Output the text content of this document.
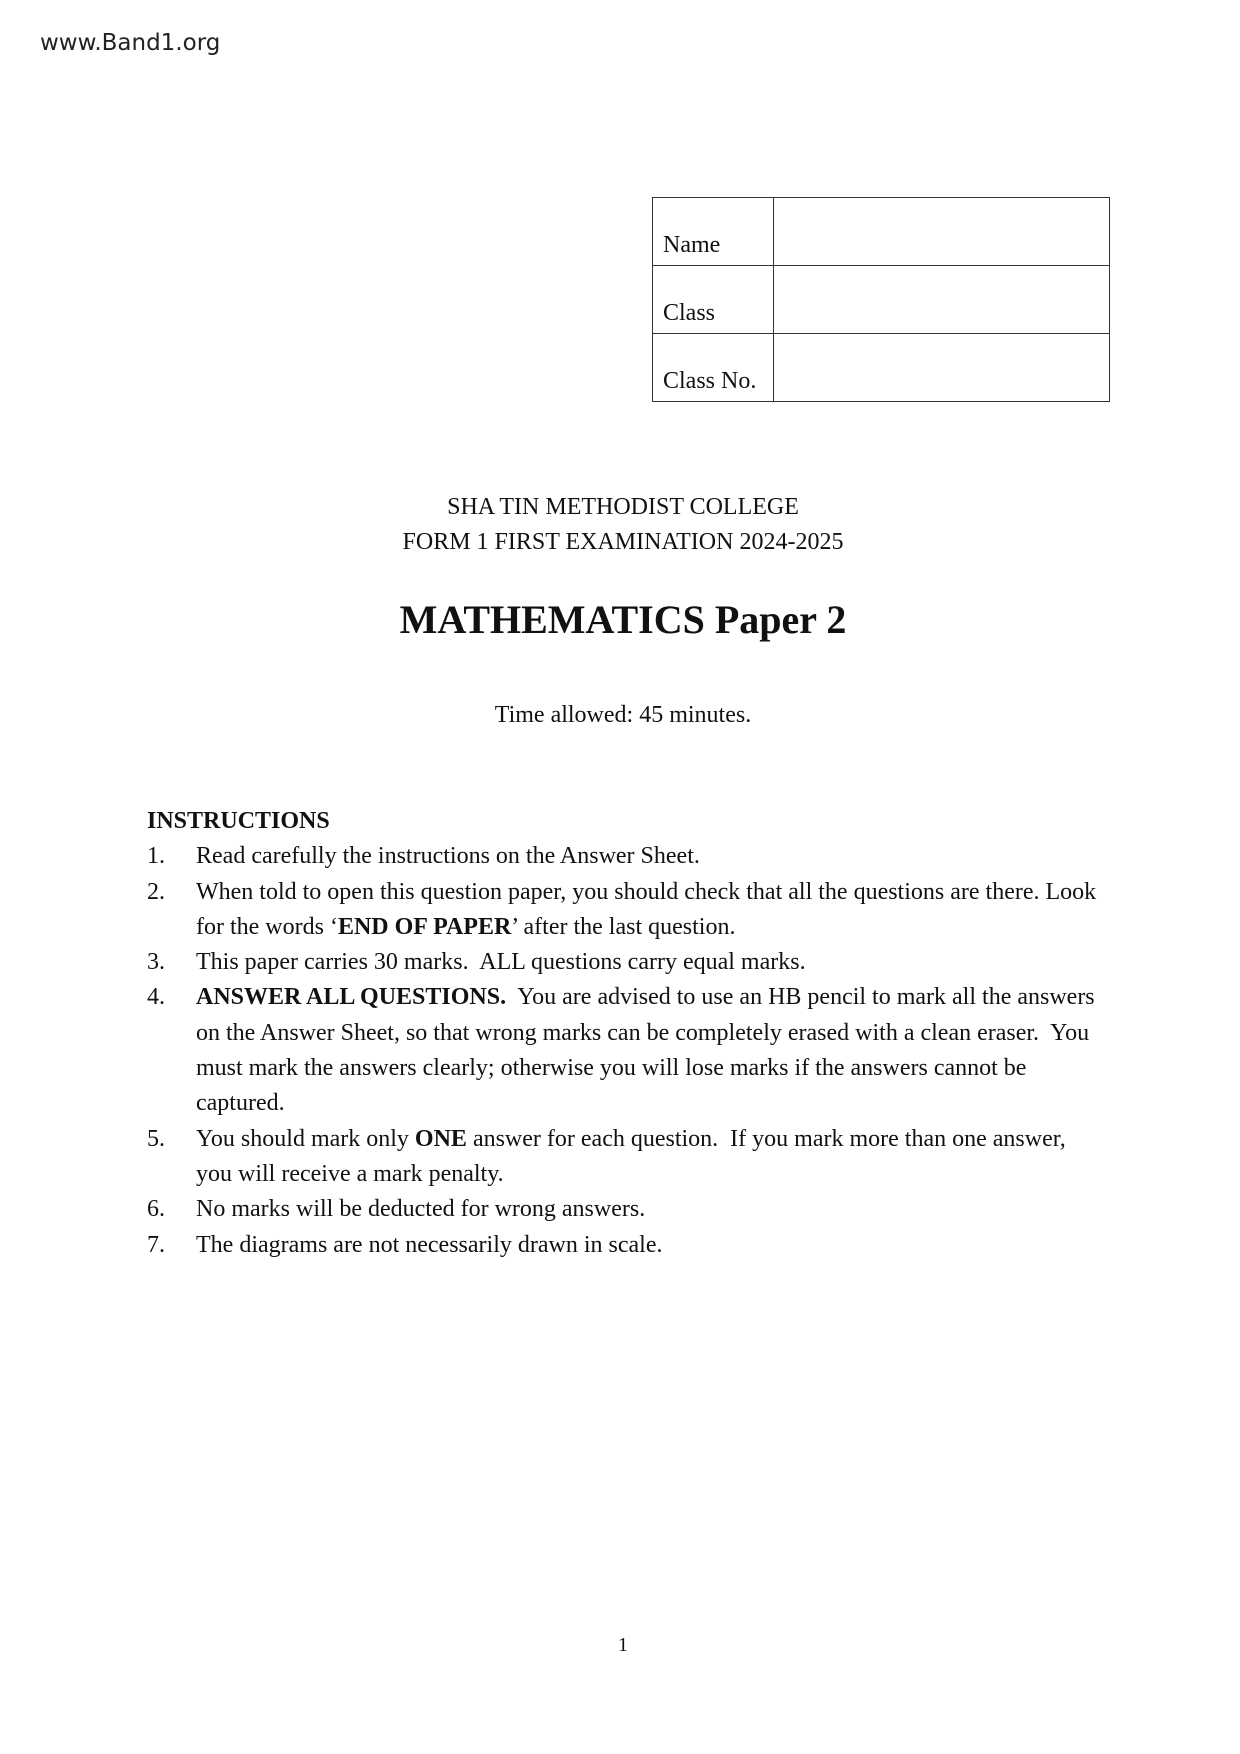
www.Band1.org
Name	
Class	
Class No.	
SHA TIN METHODIST COLLEGE
FORM 1 FIRST EXAMINATION 2024-2025
MATHEMATICS Paper 2
Time allowed: 45 minutes.
INSTRUCTIONS
1.	Read carefully the instructions on the Answer Sheet.
2.	When told to open this question paper, you should check that all the questions are there. Look for the words ‘END OF PAPER’ after the last question.
3.	This paper carries 30 marks.  ALL questions carry equal marks.
4.	ANSWER ALL QUESTIONS.  You are advised to use an HB pencil to mark all the answers on the Answer Sheet, so that wrong marks can be completely erased with a clean eraser.  You must mark the answers clearly; otherwise you will lose marks if the answers cannot be captured.
5.	You should mark only ONE answer for each question.  If you mark more than one answer, you will receive a mark penalty.
6.	No marks will be deducted for wrong answers.
7.	The diagrams are not necessarily drawn in scale.
1
